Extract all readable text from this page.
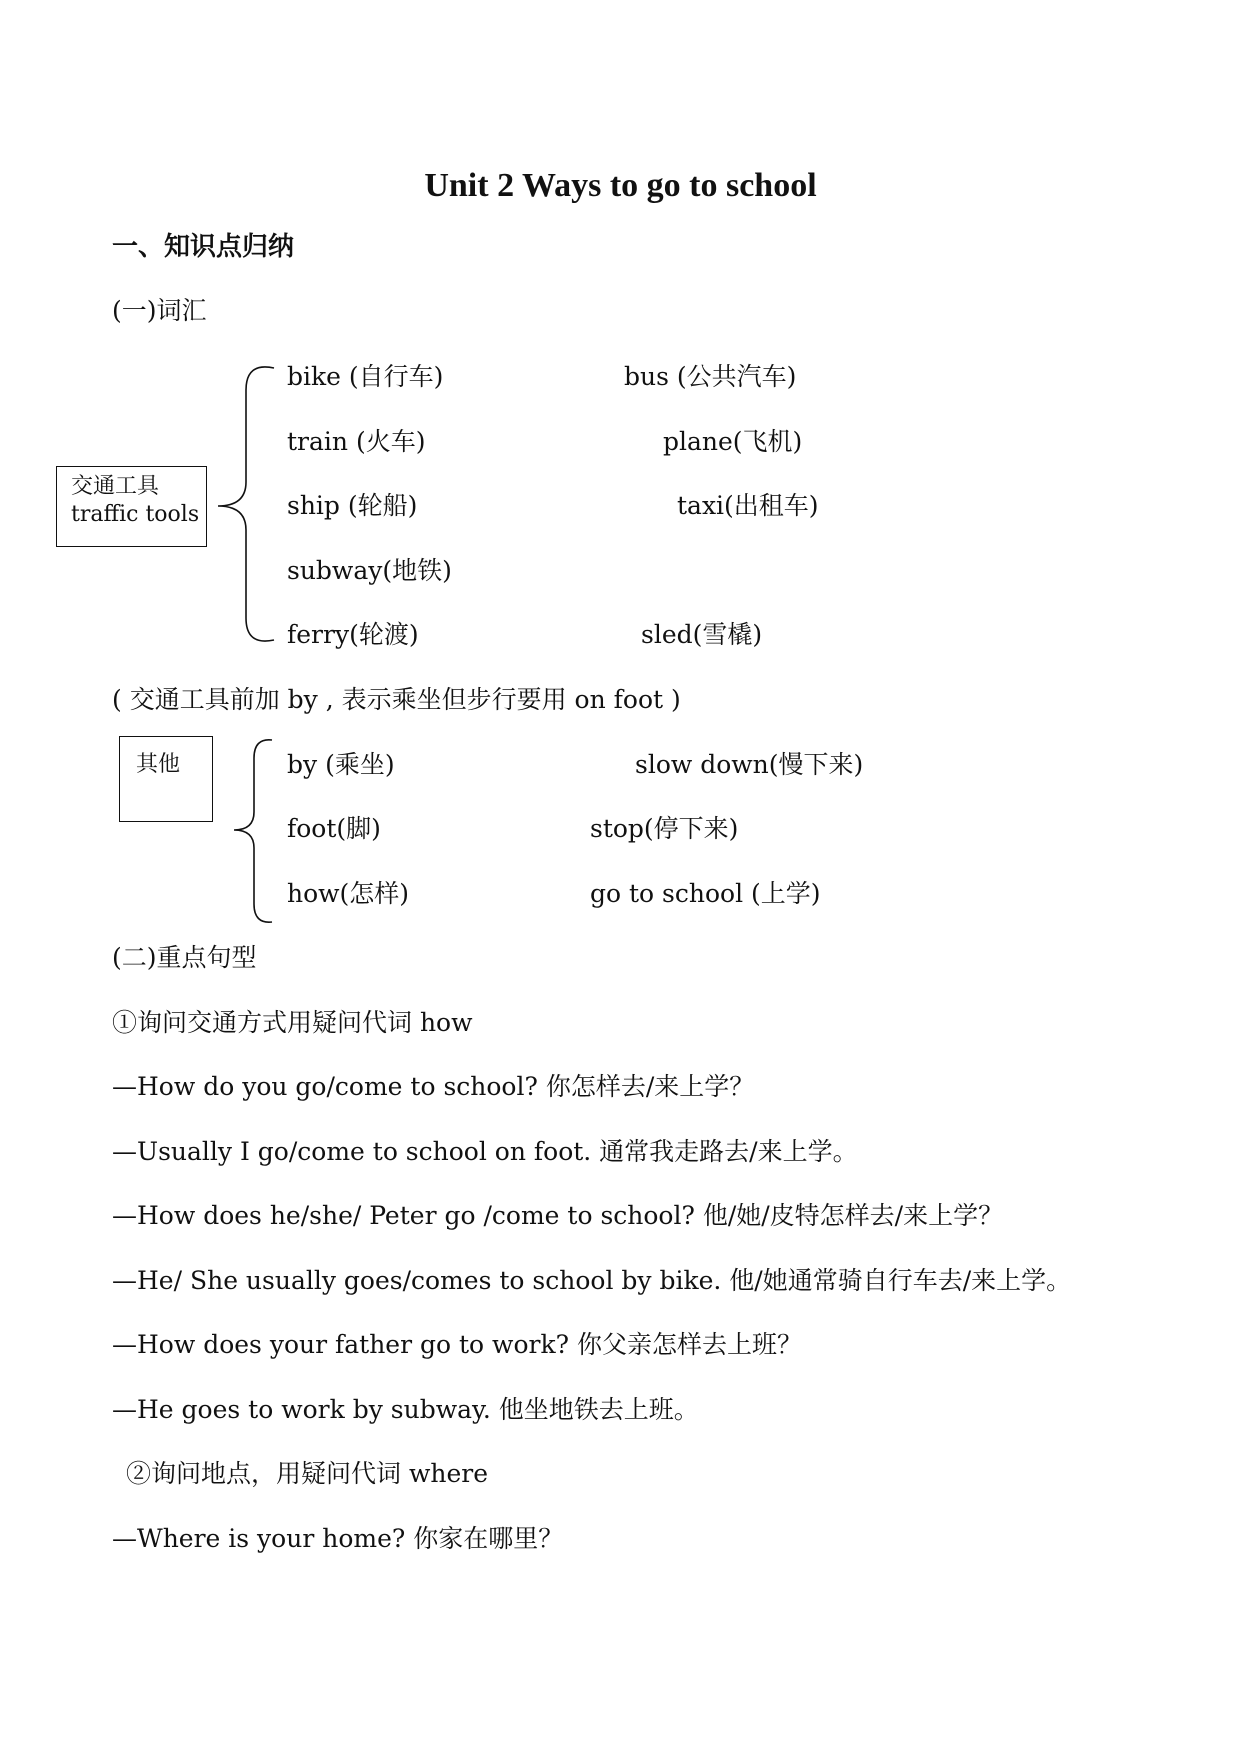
Unit 2 Ways to go to school
一、知识点归纳
(一)词汇
交通工具
traffic tools
bike (自行车)	bus (公共汽车)
train (火车)	plane(飞机)
ship (轮船)	taxi(出租车)
subway(地铁)
ferry(轮渡)	sled(雪橇)
( 交通工具前加 by , 表示乘坐但步行要用 on foot )
其他	by (乘坐)	slow down(慢下来)
foot(脚)	stop(停下来)
how(怎样)	go to school (上学)
(二)重点句型
①询问交通方式用疑问代词 how
—How do you go/come to school? 你怎样去/来上学？
—Usually I go/come to school on foot. 通常我走路去/来上学。
—How does he/she/ Peter go /come to school? 他/她/皮特怎样去/来上学？
—He/ She usually goes/comes to school by bike. 他/她通常骑自行车去/来上学。
—How does your father go to work? 你父亲怎样去上班？
—He goes to work by subway. 他坐地铁去上班。
②询问地点，用疑问代词 where
—Where is your home? 你家在哪里？
